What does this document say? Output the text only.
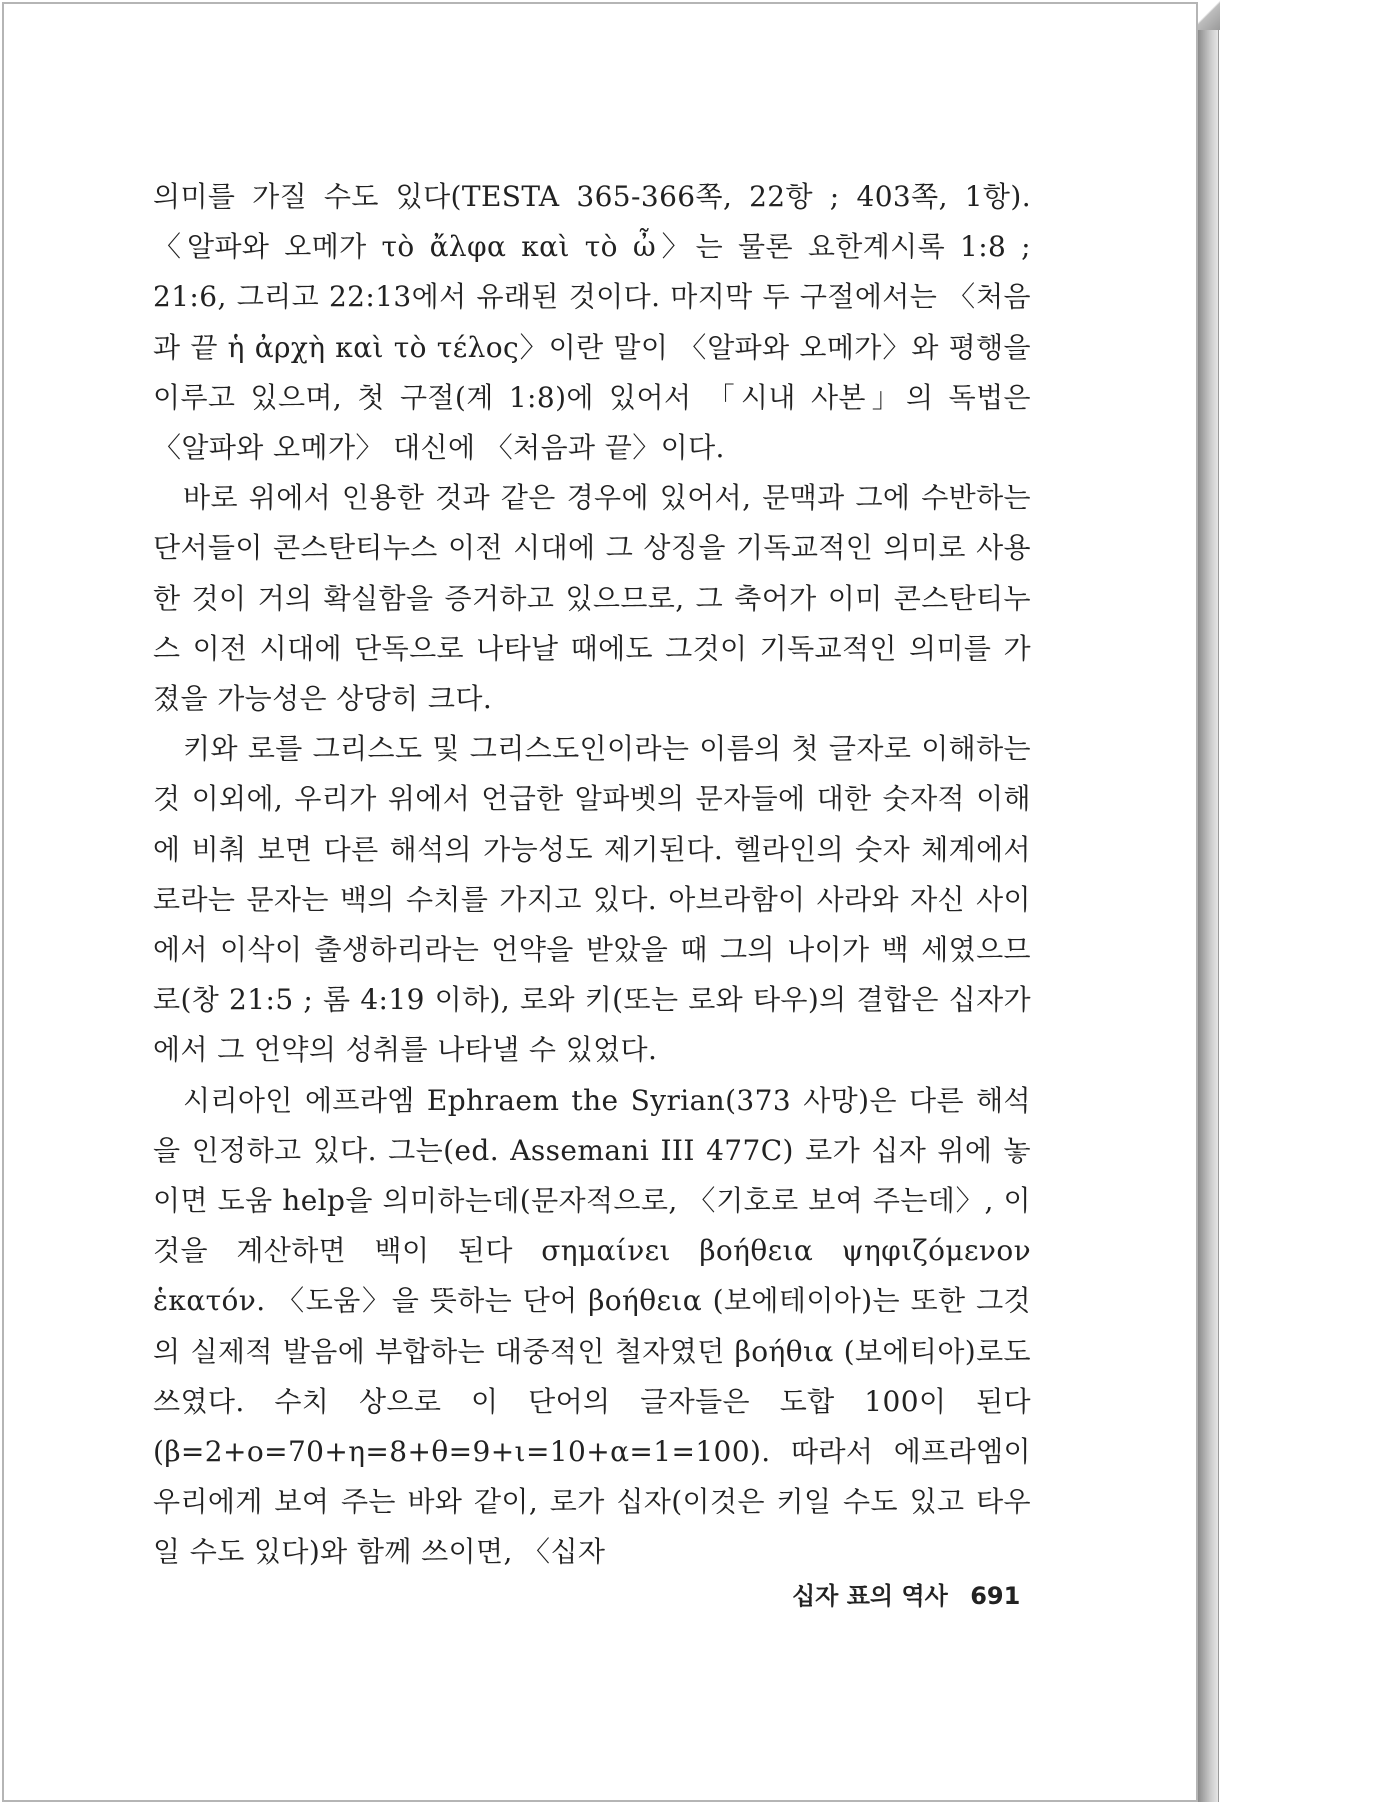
의미를 가질 수도 있다(TESTA 365-366쪽, 22항 ; 403쪽, 1항). 〈알파와 오메가 τὸ ἄλφα καὶ τὸ ὦ〉는 물론 요한계시록 1:8 ; 21:6, 그리고 22:13에서 유래된 것이다. 마지막 두 구절에서는 〈처음과 끝 ἡ ἀρχὴ καὶ τὸ τέλος〉이란 말이 〈알파와 오메가〉와 평행을 이루고 있으며, 첫 구절(계 1:8)에 있어서 「시내 사본」의 독법은 〈알파와 오메가〉 대신에 〈처음과 끝〉이다.

바로 위에서 인용한 것과 같은 경우에 있어서, 문맥과 그에 수반하는 단서들이 콘스탄티누스 이전 시대에 그 상징을 기독교적인 의미로 사용한 것이 거의 확실함을 증거하고 있으므로, 그 축어가 이미 콘스탄티누스 이전 시대에 단독으로 나타날 때에도 그것이 기독교적인 의미를 가졌을 가능성은 상당히 크다.

키와 로를 그리스도 및 그리스도인이라는 이름의 첫 글자로 이해하는 것 이외에, 우리가 위에서 언급한 알파벳의 문자들에 대한 숫자적 이해에 비춰 보면 다른 해석의 가능성도 제기된다. 헬라인의 숫자 체계에서 로라는 문자는 백의 수치를 가지고 있다. 아브라함이 사라와 자신 사이에서 이삭이 출생하리라는 언약을 받았을 때 그의 나이가 백 세였으므로(창 21:5 ; 롬 4:19 이하), 로와 키(또는 로와 타우)의 결합은 십자가에서 그 언약의 성취를 나타낼 수 있었다.

시리아인 에프라엠 Ephraem the Syrian(373 사망)은 다른 해석을 인정하고 있다. 그는(ed. Assemani III 477C) 로가 십자 위에 놓이면 도움 help을 의미하는데(문자적으로, 〈기호로 보여 주는데〉, 이것을 계산하면 백이 된다 σημαίνει βοήθεια ψηφιζόμενον ἑκατόν. 〈도움〉을 뜻하는 단어 βοήθεια (보에테이아)는 또한 그것의 실제적 발음에 부합하는 대중적인 철자였던 βοήθια (보에티아)로도 쓰였다. 수치 상으로 이 단어의 글자들은 도합 100이 된다(β=2+ο=70+η=8+θ=9+ι=10+α=1=100). 따라서 에프라엠이 우리에게 보여 주는 바와 같이, 로가 십자(이것은 키일 수도 있고 타우일 수도 있다)와 함께 쓰이면, 〈십자

십자 표의 역사 691
